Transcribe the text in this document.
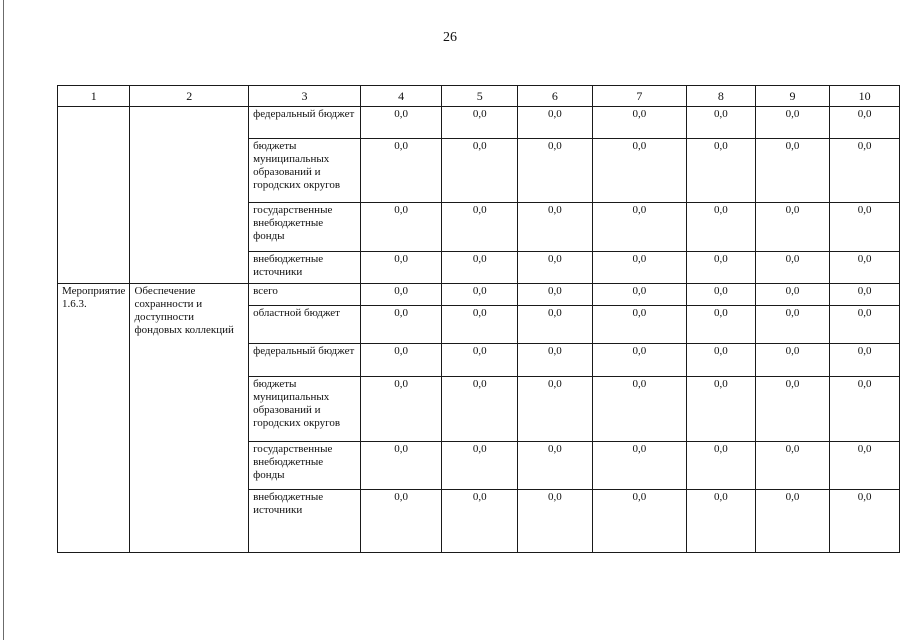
26
1	2	3	4	5	6	7	8	9	10
		федеральный бюджет	0,0	0,0	0,0	0,0	0,0	0,0	0,0
		бюджеты муниципальных образований и городских округов	0,0	0,0	0,0	0,0	0,0	0,0	0,0
		государственные внебюджетные фонды	0,0	0,0	0,0	0,0	0,0	0,0	0,0
		внебюджетные источники	0,0	0,0	0,0	0,0	0,0	0,0	0,0
Мероприятие 1.6.3.	Обеспечение сохранности и доступности фондовых коллекций	всего	0,0	0,0	0,0	0,0	0,0	0,0	0,0
		областной бюджет	0,0	0,0	0,0	0,0	0,0	0,0	0,0
		федеральный бюджет	0,0	0,0	0,0	0,0	0,0	0,0	0,0
		бюджеты муниципальных образований и городских округов	0,0	0,0	0,0	0,0	0,0	0,0	0,0
		государственные внебюджетные фонды	0,0	0,0	0,0	0,0	0,0	0,0	0,0
		внебюджетные источники	0,0	0,0	0,0	0,0	0,0	0,0	0,0
